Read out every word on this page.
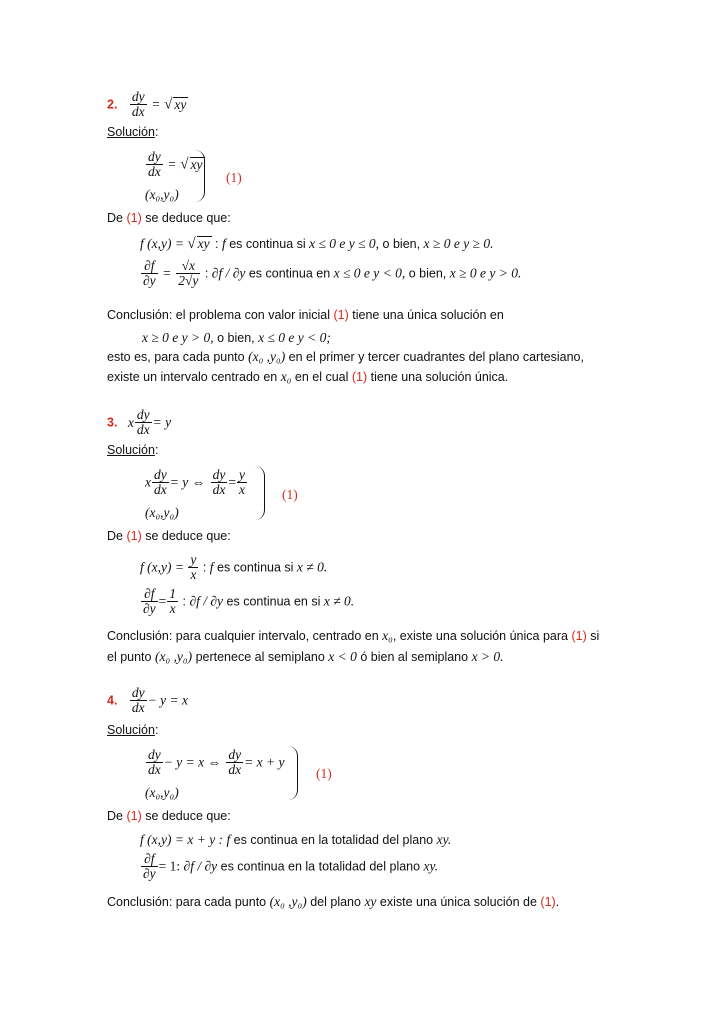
2. $\frac{dy}{dx}$ = √ xy
Solución:
$\frac{dy}{dx}$ = √ xy
(x₀,y₀)
(1)
De (1) se deduce que:
f (x,y) = √ xy : f es continua si x ≤ 0 e y ≤ 0, o bien, x ≥ 0 e y ≥ 0.
$\frac{\partial f}{\partial y} = \frac{√x}{2√y}$ : ∂f / ∂y es continua en x ≤ 0 e y < 0, o bien, x ≥ 0 e y > 0.
Conclusión: el problema con valor inicial (1) tiene una única solución en
x ≥ 0 e y > 0, o bien, x ≤ 0 e y < 0;
esto es, para cada punto (x₀ ,y₀) en el primer y tercer cuadrantes del plano cartesiano,
existe un intervalo centrado en x₀ en el cual (1) tiene una solución única.
3. x $\frac{dy}{dx} = y$
Solución:
x $\frac{dy}{dx} = y$ ⇔ $\frac{dy}{dx} = \frac{y}{x}$
(x₀,y₀)
(1)
De (1) se deduce que:
f $(x,y) = \frac{y}{x}$ : f es continua si x ≠ 0.
$\frac{\partial f}{\partial y} = \frac{1}{x}$ : ∂f / ∂y es continua en si x ≠ 0.
Conclusión: para cualquier intervalo, centrado en x₀, existe una solución única para (1) si
el punto (x₀ ,y₀) pertenece al semiplano x < 0 ó bien al semiplano x > 0.
4. $\frac{dy}{dx} - y = x$
Solución:
$\frac{dy}{dx} - y = x$ ⇔ $\frac{dy}{dx} = x + y$
(x₀,y₀)
(1)
De (1) se deduce que:
f (x,y) = x + y : f es continua en la totalidad del plano xy.
$\frac{\partial f}{\partial y} = 1$: ∂f / ∂y es continua en la totalidad del plano xy.
Conclusión: para cada punto (x₀ ,y₀) del plano xy existe una única solución de (1).
